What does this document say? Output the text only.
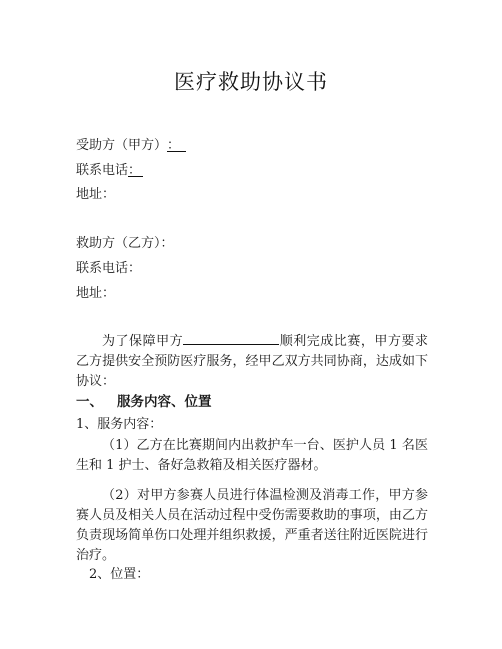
医疗救助协议书
受助方（甲方）：
联系电话：
地址：
救助方（乙方）：
联系电话：
地址：
为了保障甲方	顺利完成比赛，甲方要求乙方提供安全预防医疗服务，经甲乙双方共同协商，达成如下协议：
一、 服务内容、位置
1、服务内容：
（1）乙方在比赛期间内出救护车一台、医护人员 1 名医生和 1 护士、备好急救箱及相关医疗器材。
（2）对甲方参赛人员进行体温检测及消毒工作，甲方参赛人员及相关人员在活动过程中受伤需要救助的事项，由乙方负责现场简单伤口处理并组织救援，严重者送往附近医院进行治疗。
2、位置：
